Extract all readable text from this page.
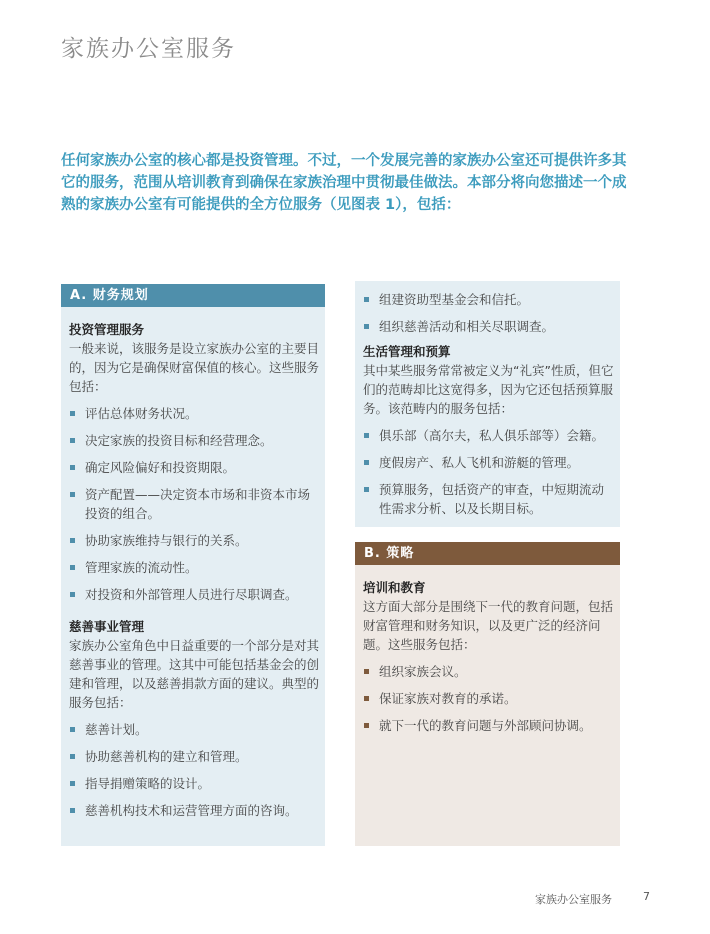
家族办公室服务

任何家族办公室的核心都是投资管理。不过，一个发展完善的家族办公室还可提供许多其它的服务，范围从培训教育到确保在家族治理中贯彻最佳做法。本部分将向您描述一个成熟的家族办公室有可能提供的全方位服务（见图表 1），包括：

A. 财务规划

投资管理服务

一般来说，该服务是设立家族办公室的主要目的，因为它是确保财富保值的核心。这些服务包括：

评估总体财务状况。
决定家族的投资目标和经营理念。
确定风险偏好和投资期限。
资产配置——决定资本市场和非资本市场投资的组合。
协助家族维持与银行的关系。
管理家族的流动性。
对投资和外部管理人员进行尽职调查。

慈善事业管理

家族办公室角色中日益重要的一个部分是对其慈善事业的管理。这其中可能包括基金会的创建和管理，以及慈善捐款方面的建议。典型的服务包括：

慈善计划。
协助慈善机构的建立和管理。
指导捐赠策略的设计。
慈善机构技术和运营管理方面的咨询。
组建资助型基金会和信托。
组织慈善活动和相关尽职调查。

生活管理和预算

其中某些服务常常被定义为“礼宾”性质，但它们的范畴却比这宽得多，因为它还包括预算服务。该范畴内的服务包括：

俱乐部（高尔夫，私人俱乐部等）会籍。
度假房产、私人飞机和游艇的管理。
预算服务，包括资产的审查，中短期流动性需求分析、以及长期目标。
B. 策略

培训和教育

这方面大部分是围绕下一代的教育问题，包括财富管理和财务知识，以及更广泛的经济问题。这些服务包括：

组织家族会议。
保证家族对教育的承诺。
就下一代的教育问题与外部顾问协调。

家族办公室服务	7
